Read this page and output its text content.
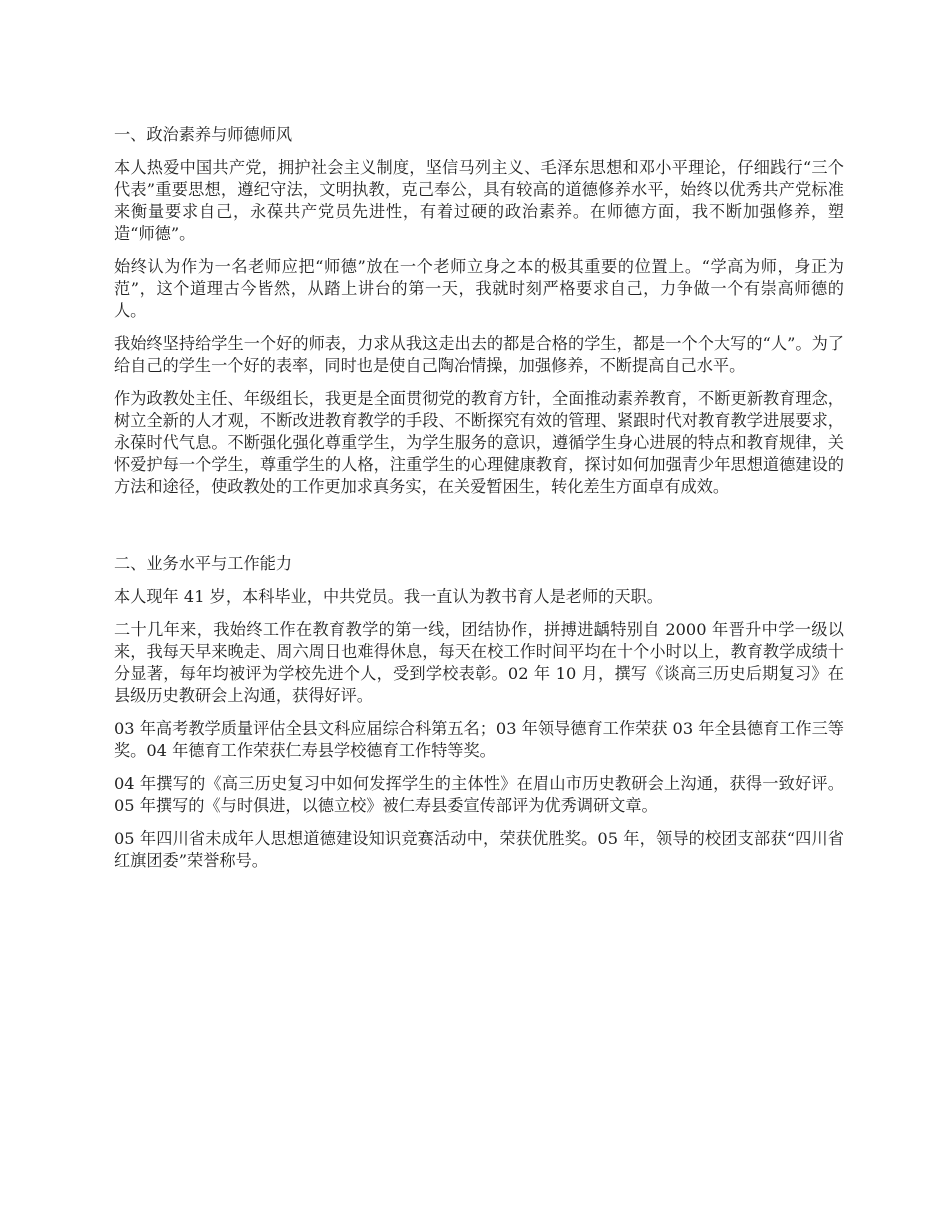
一、政治素养与师德师风

本人热爱中国共产党，拥护社会主义制度，坚信马列主义、毛泽东思想和邓小平理论，仔细践行“三个代表”重要思想，遵纪守法，文明执教，克己奉公，具有较高的道德修养水平，始终以优秀共产党标准来衡量要求自己，永葆共产党员先进性，有着过硬的政治素养。在师德方面，我不断加强修养，塑造“师德”。

始终认为作为一名老师应把“师德”放在一个老师立身之本的极其重要的位置上。“学高为师，身正为范”，这个道理古今皆然，从踏上讲台的第一天，我就时刻严格要求自己，力争做一个有崇高师德的人。

我始终坚持给学生一个好的师表，力求从我这走出去的都是合格的学生，都是一个个大写的“人”。为了给自己的学生一个好的表率，同时也是使自己陶冶情操，加强修养，不断提高自己水平。

作为政教处主任、年级组长，我更是全面贯彻党的教育方针，全面推动素养教育，不断更新教育理念，树立全新的人才观，不断改进教育教学的手段、不断探究有效的管理、紧跟时代对教育教学进展要求，永葆时代气息。不断强化强化尊重学生，为学生服务的意识，遵循学生身心进展的特点和教育规律，关怀爱护每一个学生，尊重学生的人格，注重学生的心理健康教育，探讨如何加强青少年思想道德建设的方法和途径，使政教处的工作更加求真务实，在关爱暂困生，转化差生方面卓有成效。

二、业务水平与工作能力

本人现年 41 岁，本科毕业，中共党员。我一直认为教书育人是老师的天职。

二十几年来，我始终工作在教育教学的第一线，团结协作，拼搏进龋特别自 2000 年晋升中学一级以来，我每天早来晚走、周六周日也难得休息，每天在校工作时间平均在十个小时以上，教育教学成绩十分显著，每年均被评为学校先进个人，受到学校表彰。02 年 10 月，撰写《谈高三历史后期复习》在县级历史教研会上沟通，获得好评。

03 年高考教学质量评估全县文科应届综合科第五名；03 年领导德育工作荣获 03 年全县德育工作三等奖。04 年德育工作荣获仁寿县学校德育工作特等奖。

04 年撰写的《高三历史复习中如何发挥学生的主体性》在眉山市历史教研会上沟通，获得一致好评。05 年撰写的《与时俱进，以德立校》被仁寿县委宣传部评为优秀调研文章。

05 年四川省未成年人思想道德建设知识竞赛活动中，荣获优胜奖。05 年，领导的校团支部获“四川省红旗团委”荣誉称号。
